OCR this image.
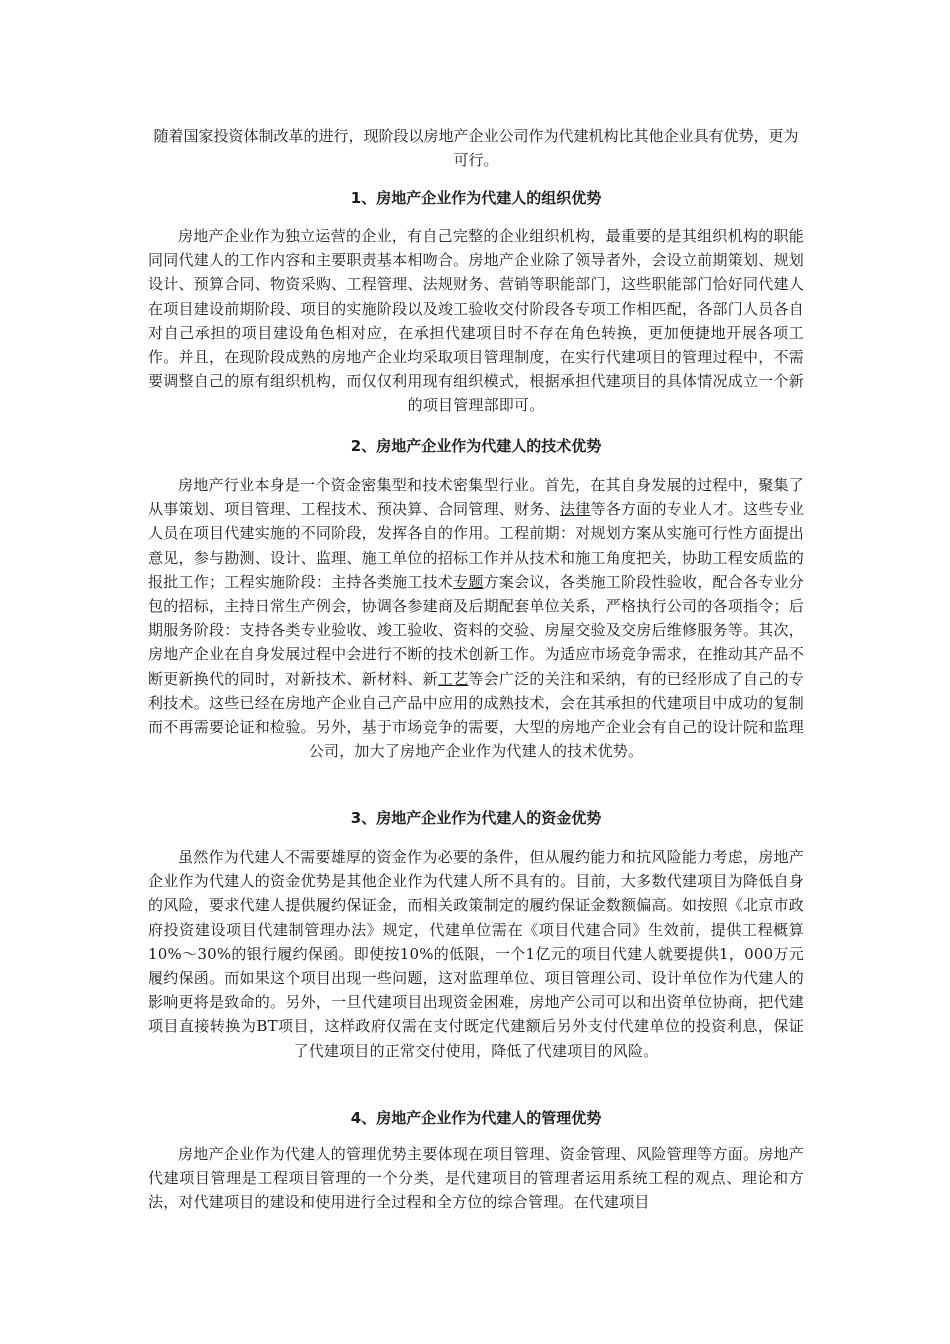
随着国家投资体制改革的进行，现阶段以房地产企业公司作为代建机构比其他企业具有优势，更为可行。

1、房地产企业作为代建人的组织优势

房地产企业作为独立运营的企业，有自己完整的企业组织机构，最重要的是其组织机构的职能同同代建人的工作内容和主要职责基本相吻合。房地产企业除了领导者外，会设立前期策划、规划设计、预算合同、物资采购、工程管理、法规财务、营销等职能部门，这些职能部门恰好同代建人在项目建设前期阶段、项目的实施阶段以及竣工验收交付阶段各专项工作相匹配，各部门人员各自对自己承担的项目建设角色相对应，在承担代建项目时不存在角色转换，更加便捷地开展各项工作。并且，在现阶段成熟的房地产企业均采取项目管理制度，在实行代建项目的管理过程中，不需要调整自己的原有组织机构，而仅仅利用现有组织模式，根据承担代建项目的具体情况成立一个新的项目管理部即可。

2、房地产企业作为代建人的技术优势

房地产行业本身是一个资金密集型和技术密集型行业。首先，在其自身发展的过程中，聚集了从事策划、项目管理、工程技术、预决算、合同管理、财务、法律等各方面的专业人才。这些专业人员在项目代建实施的不同阶段，发挥各自的作用。工程前期：对规划方案从实施可行性方面提出意见，参与勘测、设计、监理、施工单位的招标工作并从技术和施工角度把关，协助工程安质监的报批工作；工程实施阶段：主持各类施工技术专题方案会议，各类施工阶段性验收，配合各专业分包的招标，主持日常生产例会，协调各参建商及后期配套单位关系，严格执行公司的各项指令；后期服务阶段：支持各类专业验收、竣工验收、资料的交验、房屋交验及交房后维修服务等。其次，房地产企业在自身发展过程中会进行不断的技术创新工作。为适应市场竞争需求，在推动其产品不断更新换代的同时，对新技术、新材料、新工艺等会广泛的关注和采纳，有的已经形成了自己的专利技术。这些已经在房地产企业自己产品中应用的成熟技术，会在其承担的代建项目中成功的复制而不再需要论证和检验。另外，基于市场竞争的需要，大型的房地产企业会有自己的设计院和监理公司，加大了房地产企业作为代建人的技术优势。

3、房地产企业作为代建人的资金优势

虽然作为代建人不需要雄厚的资金作为必要的条件，但从履约能力和抗风险能力考虑，房地产企业作为代建人的资金优势是其他企业作为代建人所不具有的。目前，大多数代建项目为降低自身的风险，要求代建人提供履约保证金，而相关政策制定的履约保证金数额偏高。如按照《北京市政府投资建设项目代建制管理办法》规定，代建单位需在《项目代建合同》生效前，提供工程概算10%～30%的银行履约保函。即使按10%的低限，一个1亿元的项目代建人就要提供1，000万元履约保函。而如果这个项目出现一些问题，这对监理单位、项目管理公司、设计单位作为代建人的影响更将是致命的。另外，一旦代建项目出现资金困难，房地产公司可以和出资单位协商，把代建项目直接转换为BT项目，这样政府仅需在支付既定代建额后另外支付代建单位的投资利息，保证了代建项目的正常交付使用，降低了代建项目的风险。

4、房地产企业作为代建人的管理优势

房地产企业作为代建人的管理优势主要体现在项目管理、资金管理、风险管理等方面。房地产代建项目管理是工程项目管理的一个分类，是代建项目的管理者运用系统工程的观点、理论和方法，对代建项目的建设和使用进行全过程和全方位的综合管理。在代建项目
